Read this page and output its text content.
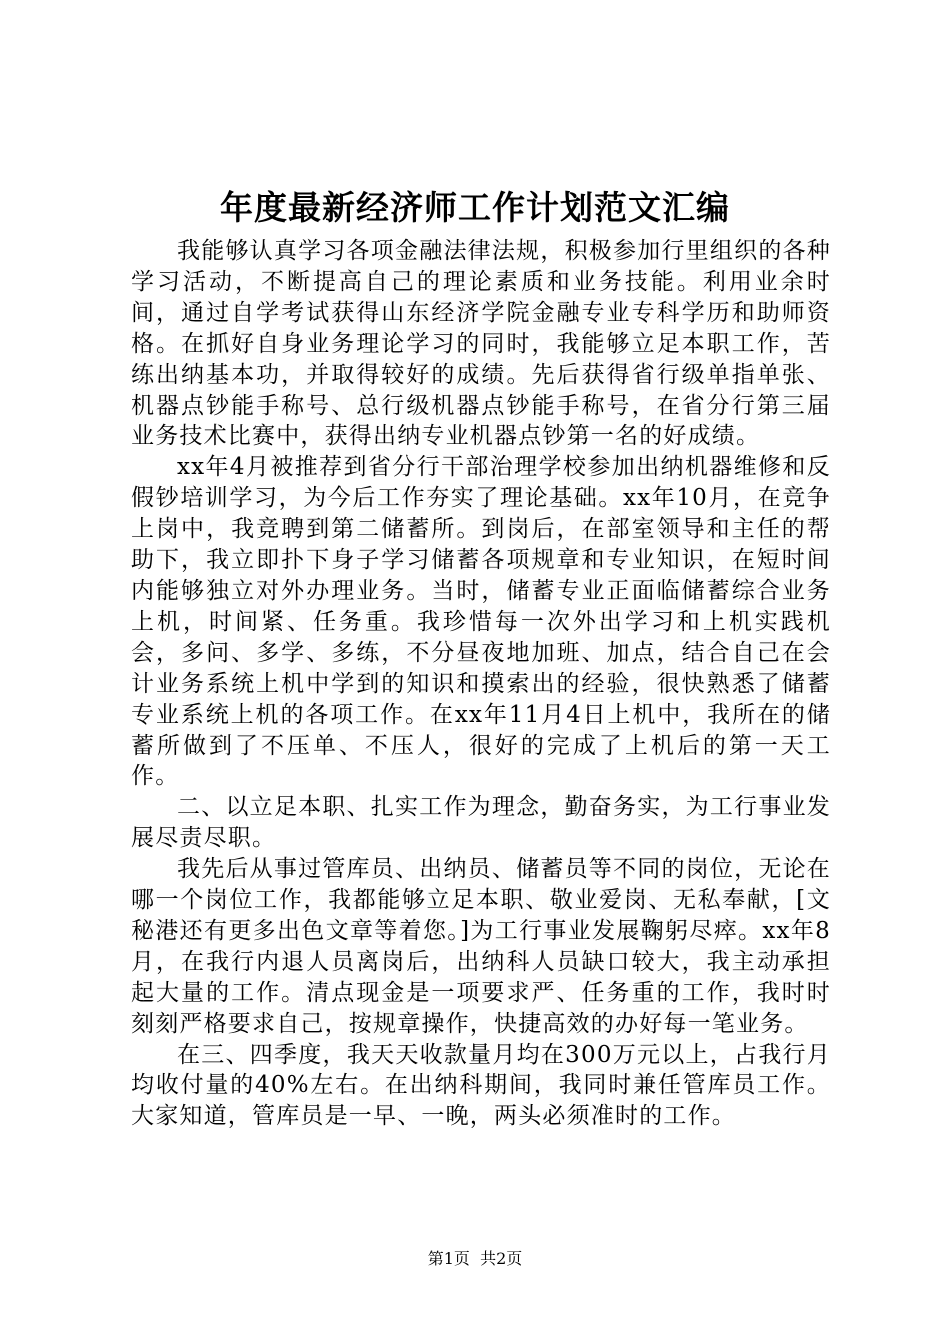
年度最新经济师工作计划范文汇编

我能够认真学习各项金融法律法规，积极参加行里组织的各种学习活动，不断提高自己的理论素质和业务技能。利用业余时间，通过自学考试获得山东经济学院金融专业专科学历和助师资格。在抓好自身业务理论学习的同时，我能够立足本职工作，苦练出纳基本功，并取得较好的成绩。先后获得省行级单指单张、机器点钞能手称号、总行级机器点钞能手称号，在省分行第三届业务技术比赛中，获得出纳专业机器点钞第一名的好成绩。

xx年4月被推荐到省分行干部治理学校参加出纳机器维修和反假钞培训学习，为今后工作夯实了理论基础。xx年10月，在竞争上岗中，我竞聘到第二储蓄所。到岗后，在部室领导和主任的帮助下，我立即扑下身子学习储蓄各项规章和专业知识，在短时间内能够独立对外办理业务。当时，储蓄专业正面临储蓄综合业务上机，时间紧、任务重。我珍惜每一次外出学习和上机实践机会，多问、多学、多练，不分昼夜地加班、加点，结合自己在会计业务系统上机中学到的知识和摸索出的经验，很快熟悉了储蓄专业系统上机的各项工作。在xx年11月4日上机中，我所在的储蓄所做到了不压单、不压人，很好的完成了上机后的第一天工作。

二、以立足本职、扎实工作为理念，勤奋务实，为工行事业发展尽责尽职。

我先后从事过管库员、出纳员、储蓄员等不同的岗位，无论在哪一个岗位工作，我都能够立足本职、敬业爱岗、无私奉献，[文秘港还有更多出色文章等着您。]为工行事业发展鞠躬尽瘁。xx年8月，在我行内退人员离岗后，出纳科人员缺口较大，我主动承担起大量的工作。清点现金是一项要求严、任务重的工作，我时时刻刻严格要求自己，按规章操作，快捷高效的办好每一笔业务。

在三、四季度，我天天收款量月均在300万元以上，占我行月均收付量的40%左右。在出纳科期间，我同时兼任管库员工作。大家知道，管库员是一早、一晚，两头必须准时的工作。

第1页  共2页
